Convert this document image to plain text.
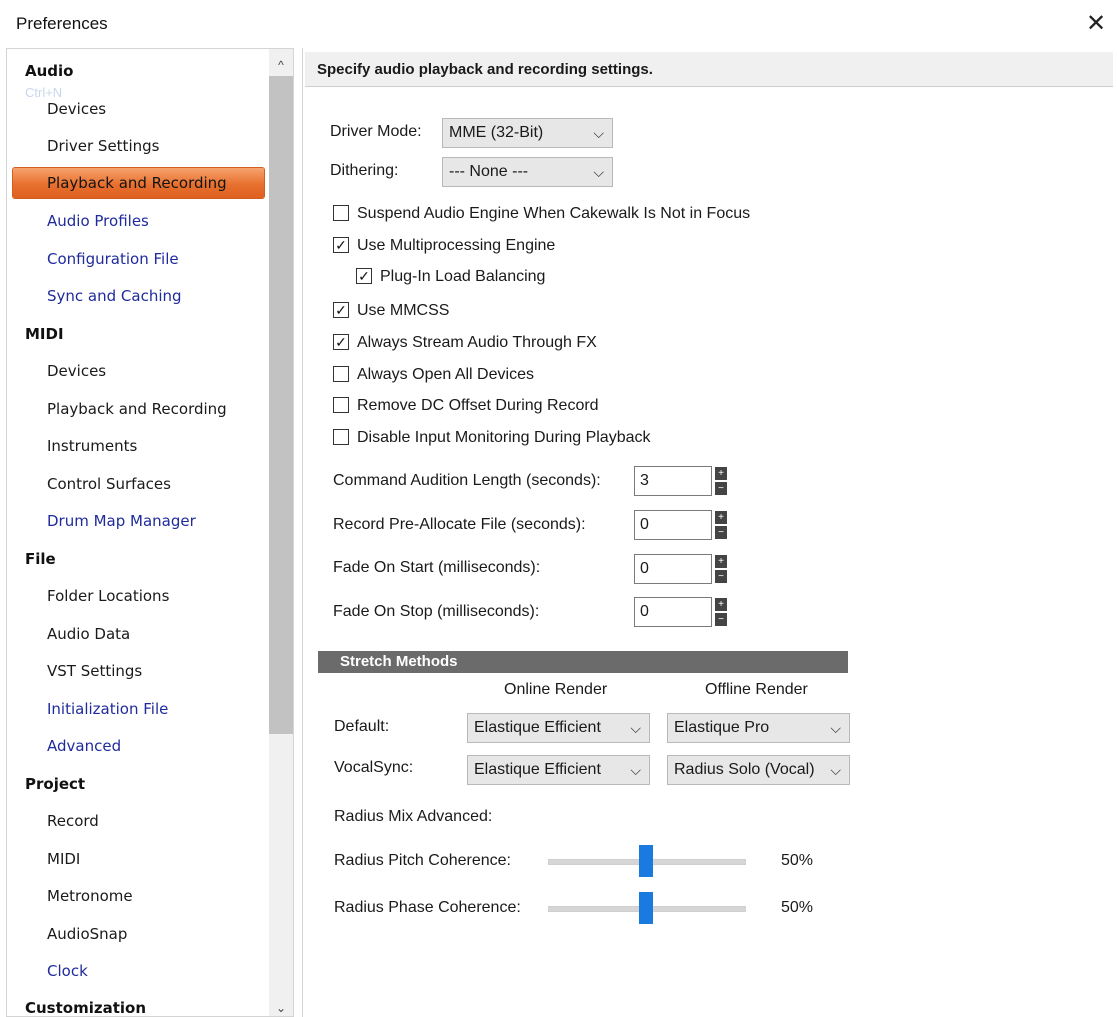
Preferences	✕
Ctrl+N
Audio
Devices
Driver Settings
Playback and Recording
Audio Profiles
Configuration File
Sync and Caching
MIDI
Devices
Playback and Recording
Instruments
Control Surfaces
Drum Map Manager
File
Folder Locations
Audio Data
VST Settings
Initialization File
Advanced
Project
Record
MIDI
Metronome
AudioSnap
Clock
Customization
^
⌄
Specify audio playback and recording settings.
Driver Mode:	MME (32-Bit)	⌵
Dithering:	--- None ---	⌵
Suspend Audio Engine When Cakewalk Is Not in Focus
✓ Use Multiprocessing Engine
✓ Plug-In Load Balancing
✓ Use MMCSS
✓ Always Stream Audio Through FX
Always Open All Devices
Remove DC Offset During Record
Disable Input Monitoring During Playback
Command Audition Length (seconds):	3	+
−
Record Pre-Allocate File (seconds):	0	+
−
Fade On Start (milliseconds):	0	+
−
Fade On Stop (milliseconds):	0	+
−
Stretch Methods
Online Render	Offline Render
Default:	Elastique Efficient ⌵	Elastique Pro	⌵
VocalSync:	Elastique Efficient ⌵	Radius Solo (Vocal) ⌵
Radius Mix Advanced:
Radius Pitch Coherence:	50%
Radius Phase Coherence:	50%
